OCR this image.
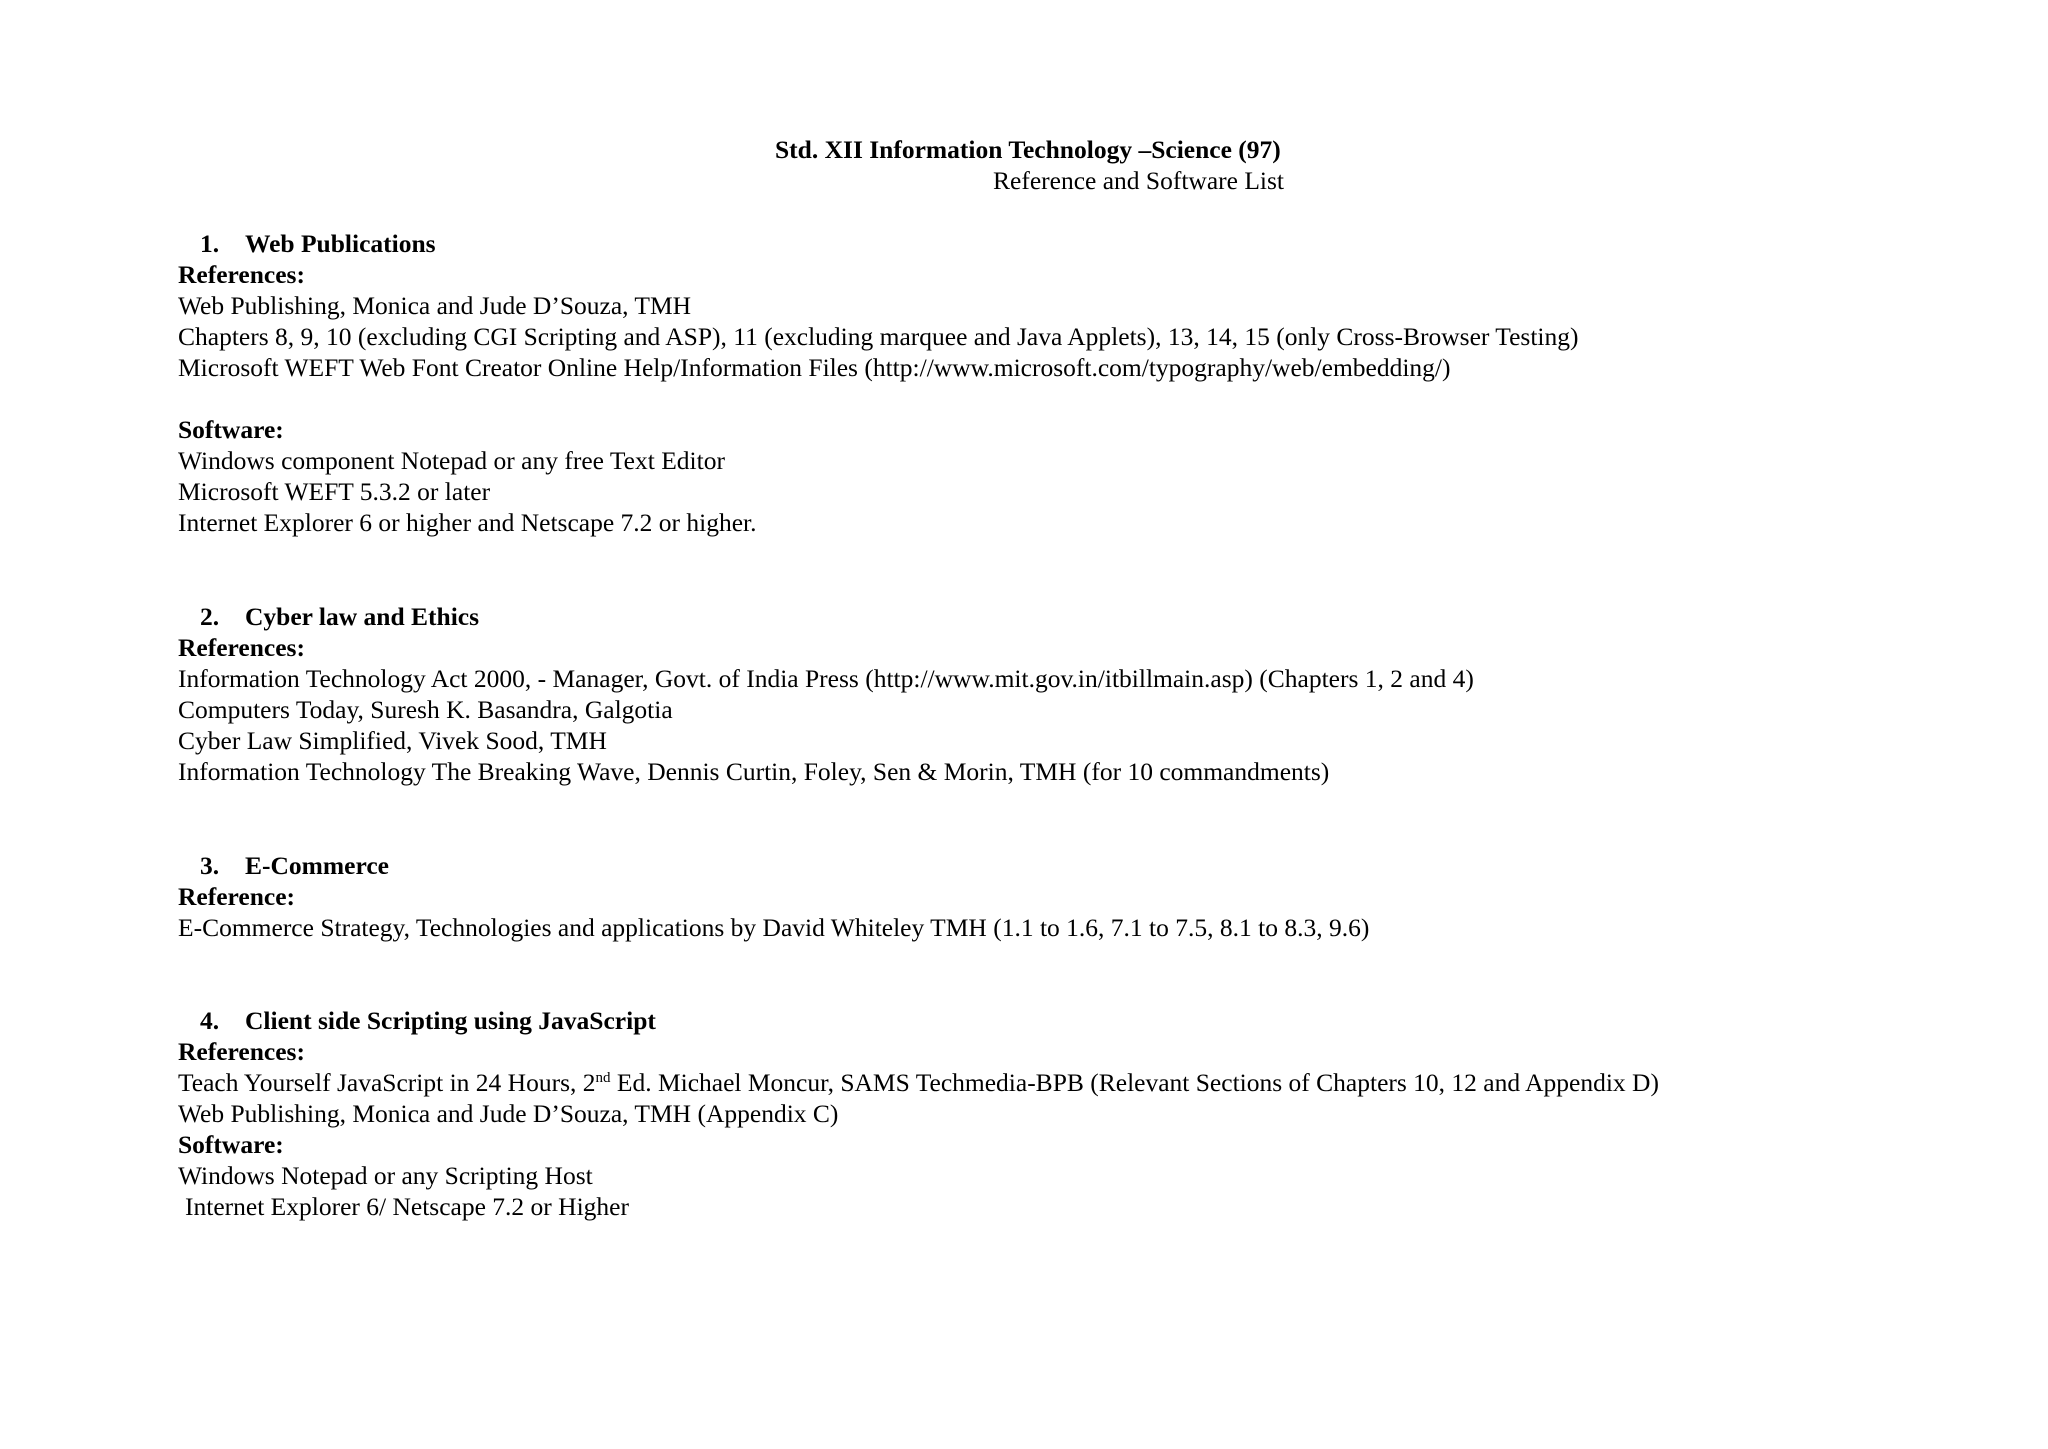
Std. XII Information Technology –Science (97)
Reference and Software List
1.	Web Publications
References:
Web Publishing, Monica and Jude D’Souza, TMH
Chapters 8, 9, 10 (excluding CGI Scripting and ASP), 11 (excluding marquee and Java Applets), 13, 14, 15 (only Cross-Browser Testing)
Microsoft WEFT Web Font Creator Online Help/Information Files (http://www.microsoft.com/typography/web/embedding/)
Software:
Windows component Notepad or any free Text Editor
Microsoft WEFT 5.3.2 or later
Internet Explorer 6 or higher and Netscape 7.2 or higher.
2.	Cyber law and Ethics
References:
Information Technology Act 2000, - Manager, Govt. of India Press (http://www.mit.gov.in/itbillmain.asp) (Chapters 1, 2 and 4)
Computers Today, Suresh K. Basandra, Galgotia
Cyber Law Simplified, Vivek Sood, TMH
Information Technology The Breaking Wave, Dennis Curtin, Foley, Sen & Morin, TMH (for 10 commandments)
3.	E-Commerce
Reference:
E-Commerce Strategy, Technologies and applications by David Whiteley TMH (1.1 to 1.6, 7.1 to 7.5, 8.1 to 8.3, 9.6)
4.	Client side Scripting using JavaScript
References:
Teach Yourself JavaScript in 24 Hours, 2nd Ed. Michael Moncur, SAMS Techmedia-BPB (Relevant Sections of Chapters 10, 12 and Appendix D)
Web Publishing, Monica and Jude D’Souza, TMH (Appendix C)
Software:
Windows Notepad or any Scripting Host
Internet Explorer 6/ Netscape 7.2 or Higher
